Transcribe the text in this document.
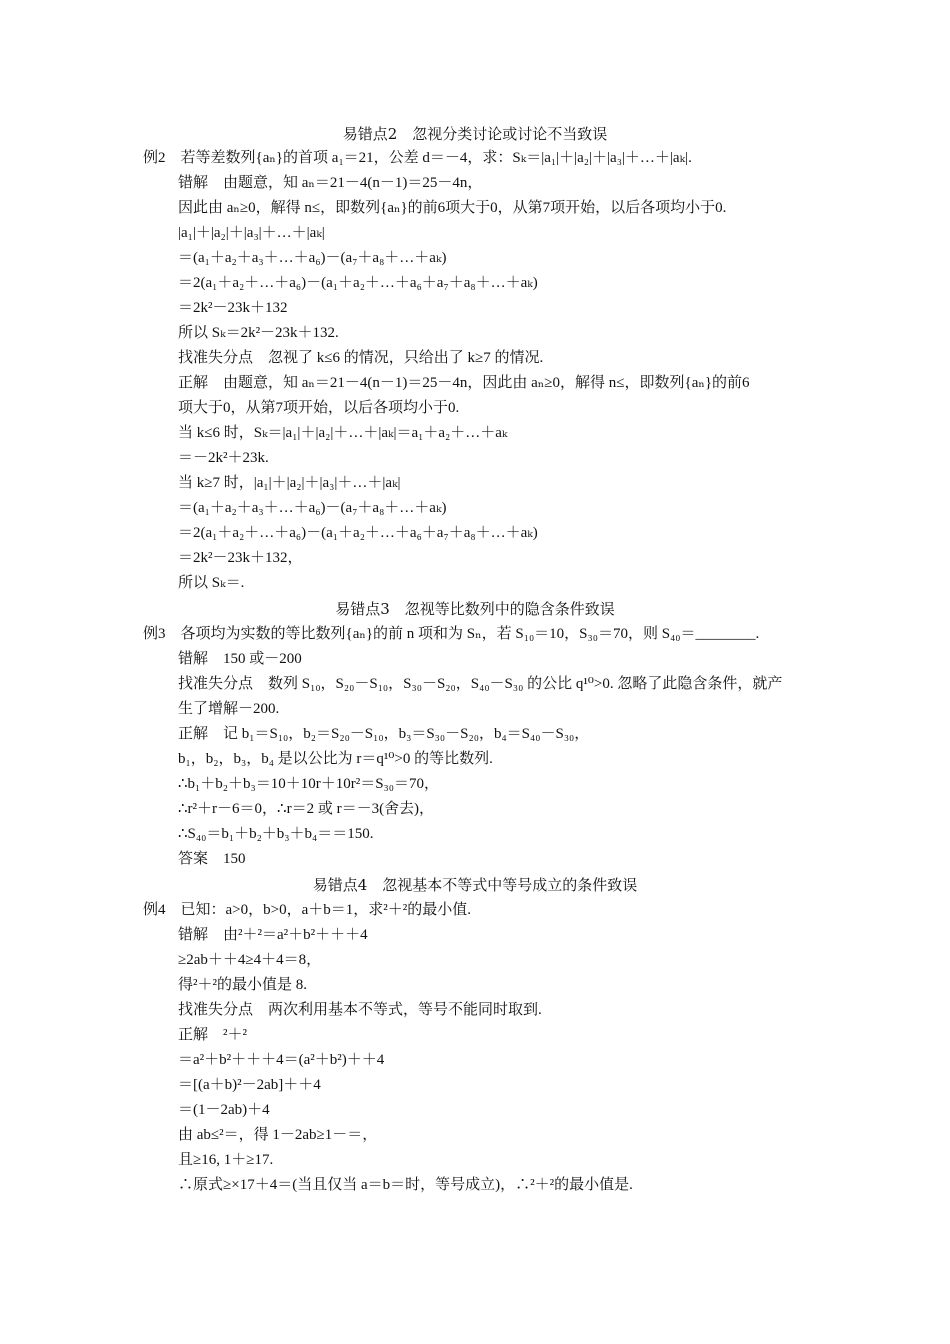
易错点2　忽视分类讨论或讨论不当致误
例2　若等差数列{aₙ}的首项 a₁＝21，公差 d＝－4，求：Sₖ＝|a₁|＋|a₂|＋|a₃|＋…＋|aₖ|.
错解　由题意，知 aₙ＝21－4(n－1)＝25－4n，
因此由 aₙ≥0，解得 n≤，即数列{aₙ}的前6项大于0，从第7项开始，以后各项均小于0.
|a₁|＋|a₂|＋|a₃|＋…＋|aₖ|
＝(a₁＋a₂＋a₃＋…＋a₆)－(a₇＋a₈＋…＋aₖ)
＝2(a₁＋a₂＋…＋a₆)－(a₁＋a₂＋…＋a₆＋a₇＋a₈＋…＋aₖ)
＝2k²－23k＋132
所以 Sₖ＝2k²－23k＋132.
找准失分点　忽视了 k≤6 的情况，只给出了 k≥7 的情况.
正解　由题意，知 aₙ＝21－4(n－1)＝25－4n，因此由 aₙ≥0，解得 n≤，即数列{aₙ}的前6
项大于0，从第7项开始，以后各项均小于0.
当 k≤6 时，Sₖ＝|a₁|＋|a₂|＋…＋|aₖ|＝a₁＋a₂＋…＋aₖ
＝－2k²＋23k.
当 k≥7 时，|a₁|＋|a₂|＋|a₃|＋…＋|aₖ|
＝(a₁＋a₂＋a₃＋…＋a₆)－(a₇＋a₈＋…＋aₖ)
＝2(a₁＋a₂＋…＋a₆)－(a₁＋a₂＋…＋a₆＋a₇＋a₈＋…＋aₖ)
＝2k²－23k＋132，
所以 Sₖ＝.
易错点3　忽视等比数列中的隐含条件致误
例3　各项均为实数的等比数列{aₙ}的前 n 项和为 Sₙ，若 S₁₀＝10，S₃₀＝70，则 S₄₀＝________.
错解　150 或－200
找准失分点　数列 S₁₀，S₂₀－S₁₀，S₃₀－S₂₀，S₄₀－S₃₀ 的公比 q¹⁰>0. 忽略了此隐含条件，就产
生了增解－200.
正解　记 b₁＝S₁₀，b₂＝S₂₀－S₁₀，b₃＝S₃₀－S₂₀，b₄＝S₄₀－S₃₀，
b₁，b₂，b₃，b₄ 是以公比为 r＝q¹⁰>0 的等比数列.
∴b₁＋b₂＋b₃＝10＋10r＋10r²＝S₃₀＝70，
∴r²＋r－6＝0，∴r＝2 或 r＝－3(舍去)，
∴S₄₀＝b₁＋b₂＋b₃＋b₄＝＝150.
答案　150
易错点4　忽视基本不等式中等号成立的条件致误
例4　已知：a>0，b>0，a＋b＝1，求²＋²的最小值.
错解　由²＋²＝a²＋b²＋＋＋4
≥2ab＋＋4≥4＋4＝8，
得²＋²的最小值是 8.
找准失分点　两次利用基本不等式，等号不能同时取到.
正解　²＋²
＝a²＋b²＋＋＋4＝(a²＋b²)＋＋4
＝[(a＋b)²－2ab]＋＋4
＝(1－2ab)＋4
由 ab≤²＝，得 1－2ab≥1－＝，
且≥16, 1＋≥17.
∴原式≥×17＋4＝(当且仅当 a＝b＝时，等号成立)，∴²＋²的最小值是.
